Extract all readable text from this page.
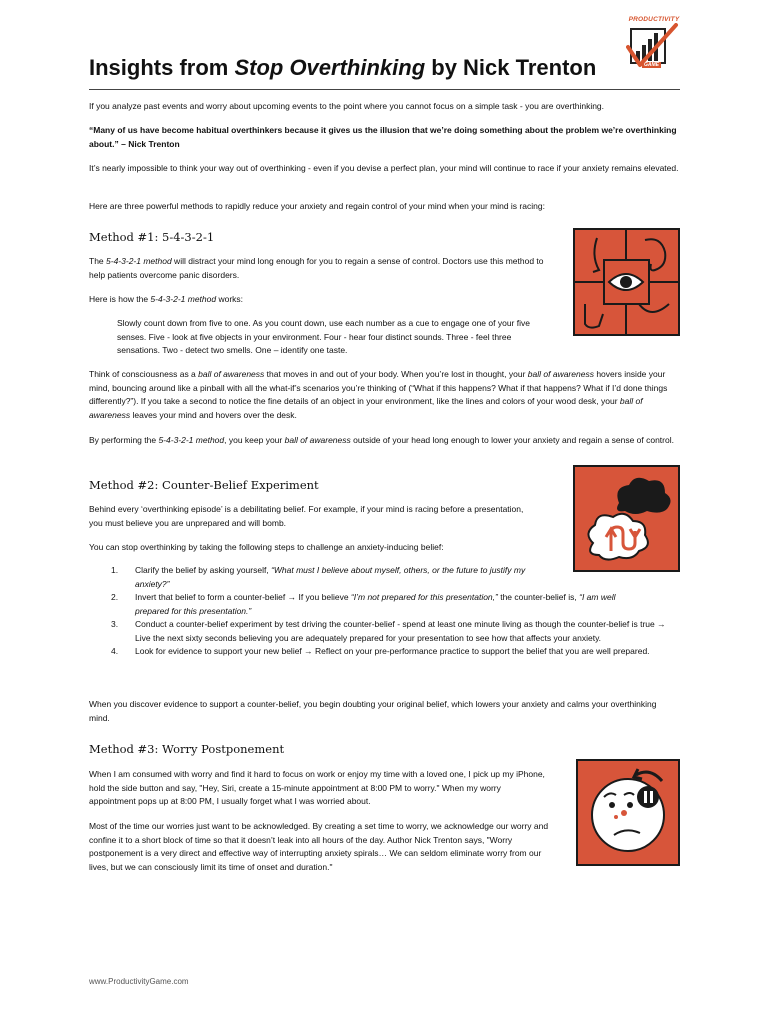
PRODUCTIVITY
GAME
Insights from Stop Overthinking by Nick Trenton

If you analyze past events and worry about upcoming events to the point where you cannot focus on a simple task - you are overthinking.

“Many of us have become habitual overthinkers because it gives us the illusion that we’re doing something about the problem we’re overthinking about.” – Nick Trenton

It’s nearly impossible to think your way out of overthinking - even if you devise a perfect plan, your mind will continue to race if your anxiety remains elevated.

Here are three powerful methods to rapidly reduce your anxiety and regain control of your mind when your mind is racing:

Method #1: 5-4-3-2-1

The 5-4-3-2-1 method will distract your mind long enough for you to regain a sense of control. Doctors use this method to help patients overcome panic disorders.

Here is how the 5-4-3-2-1 method works:

Slowly count down from five to one. As you count down, use each number as a cue to engage one of your five senses. Five - look at five objects in your environment. Four - hear four distinct sounds. Three - feel three sensations. Two - detect two smells. One – identify one taste.

Think of consciousness as a ball of awareness that moves in and out of your body. When you’re lost in thought, your ball of awareness hovers inside your mind, bouncing around like a pinball with all the what-if’s scenarios you’re thinking of (“What if this happens? What if that happens? What if I’d done things differently?”). If you take a second to notice the fine details of an object in your environment, like the lines and colors of your wood desk, your ball of awareness leaves your mind and hovers over the desk.

By performing the 5-4-3-2-1 method, you keep your ball of awareness outside of your head long enough to lower your anxiety and regain a sense of control.

Method #2: Counter-Belief Experiment

Behind every ‘overthinking episode’ is a debilitating belief. For example, if your mind is racing before a presentation, you must believe you are unprepared and will bomb.

You can stop overthinking by taking the following steps to challenge an anxiety-inducing belief:

1. Clarify the belief by asking yourself, “What must I believe about myself, others, or the future to justify my anxiety?”
2. Invert that belief to form a counter-belief → If you believe “I’m not prepared for this presentation,” the counter-belief is, “I am well prepared for this presentation.”
3. Conduct a counter-belief experiment by test driving the counter-belief - spend at least one minute living as though the counter-belief is true → Live the next sixty seconds believing you are adequately prepared for your presentation to see how that affects your anxiety.
4. Look for evidence to support your new belief → Reflect on your pre-performance practice to support the belief that you are well prepared.

When you discover evidence to support a counter-belief, you begin doubting your original belief, which lowers your anxiety and calms your overthinking mind.

Method #3: Worry Postponement

When I am consumed with worry and find it hard to focus on work or enjoy my time with a loved one, I pick up my iPhone, hold the side button and say, "Hey, Siri, create a 15-minute appointment at 8:00 PM to worry." When my worry appointment pops up at 8:00 PM, I usually forget what I was worried about.

Most of the time our worries just want to be acknowledged. By creating a set time to worry, we acknowledge our worry and confine it to a short block of time so that it doesn’t leak into all hours of the day. Author Nick Trenton says, "Worry postponement is a very direct and effective way of interrupting anxiety spirals… We can seldom eliminate worry from our lives, but we can consciously limit its time of onset and duration."

www.ProductivityGame.com
